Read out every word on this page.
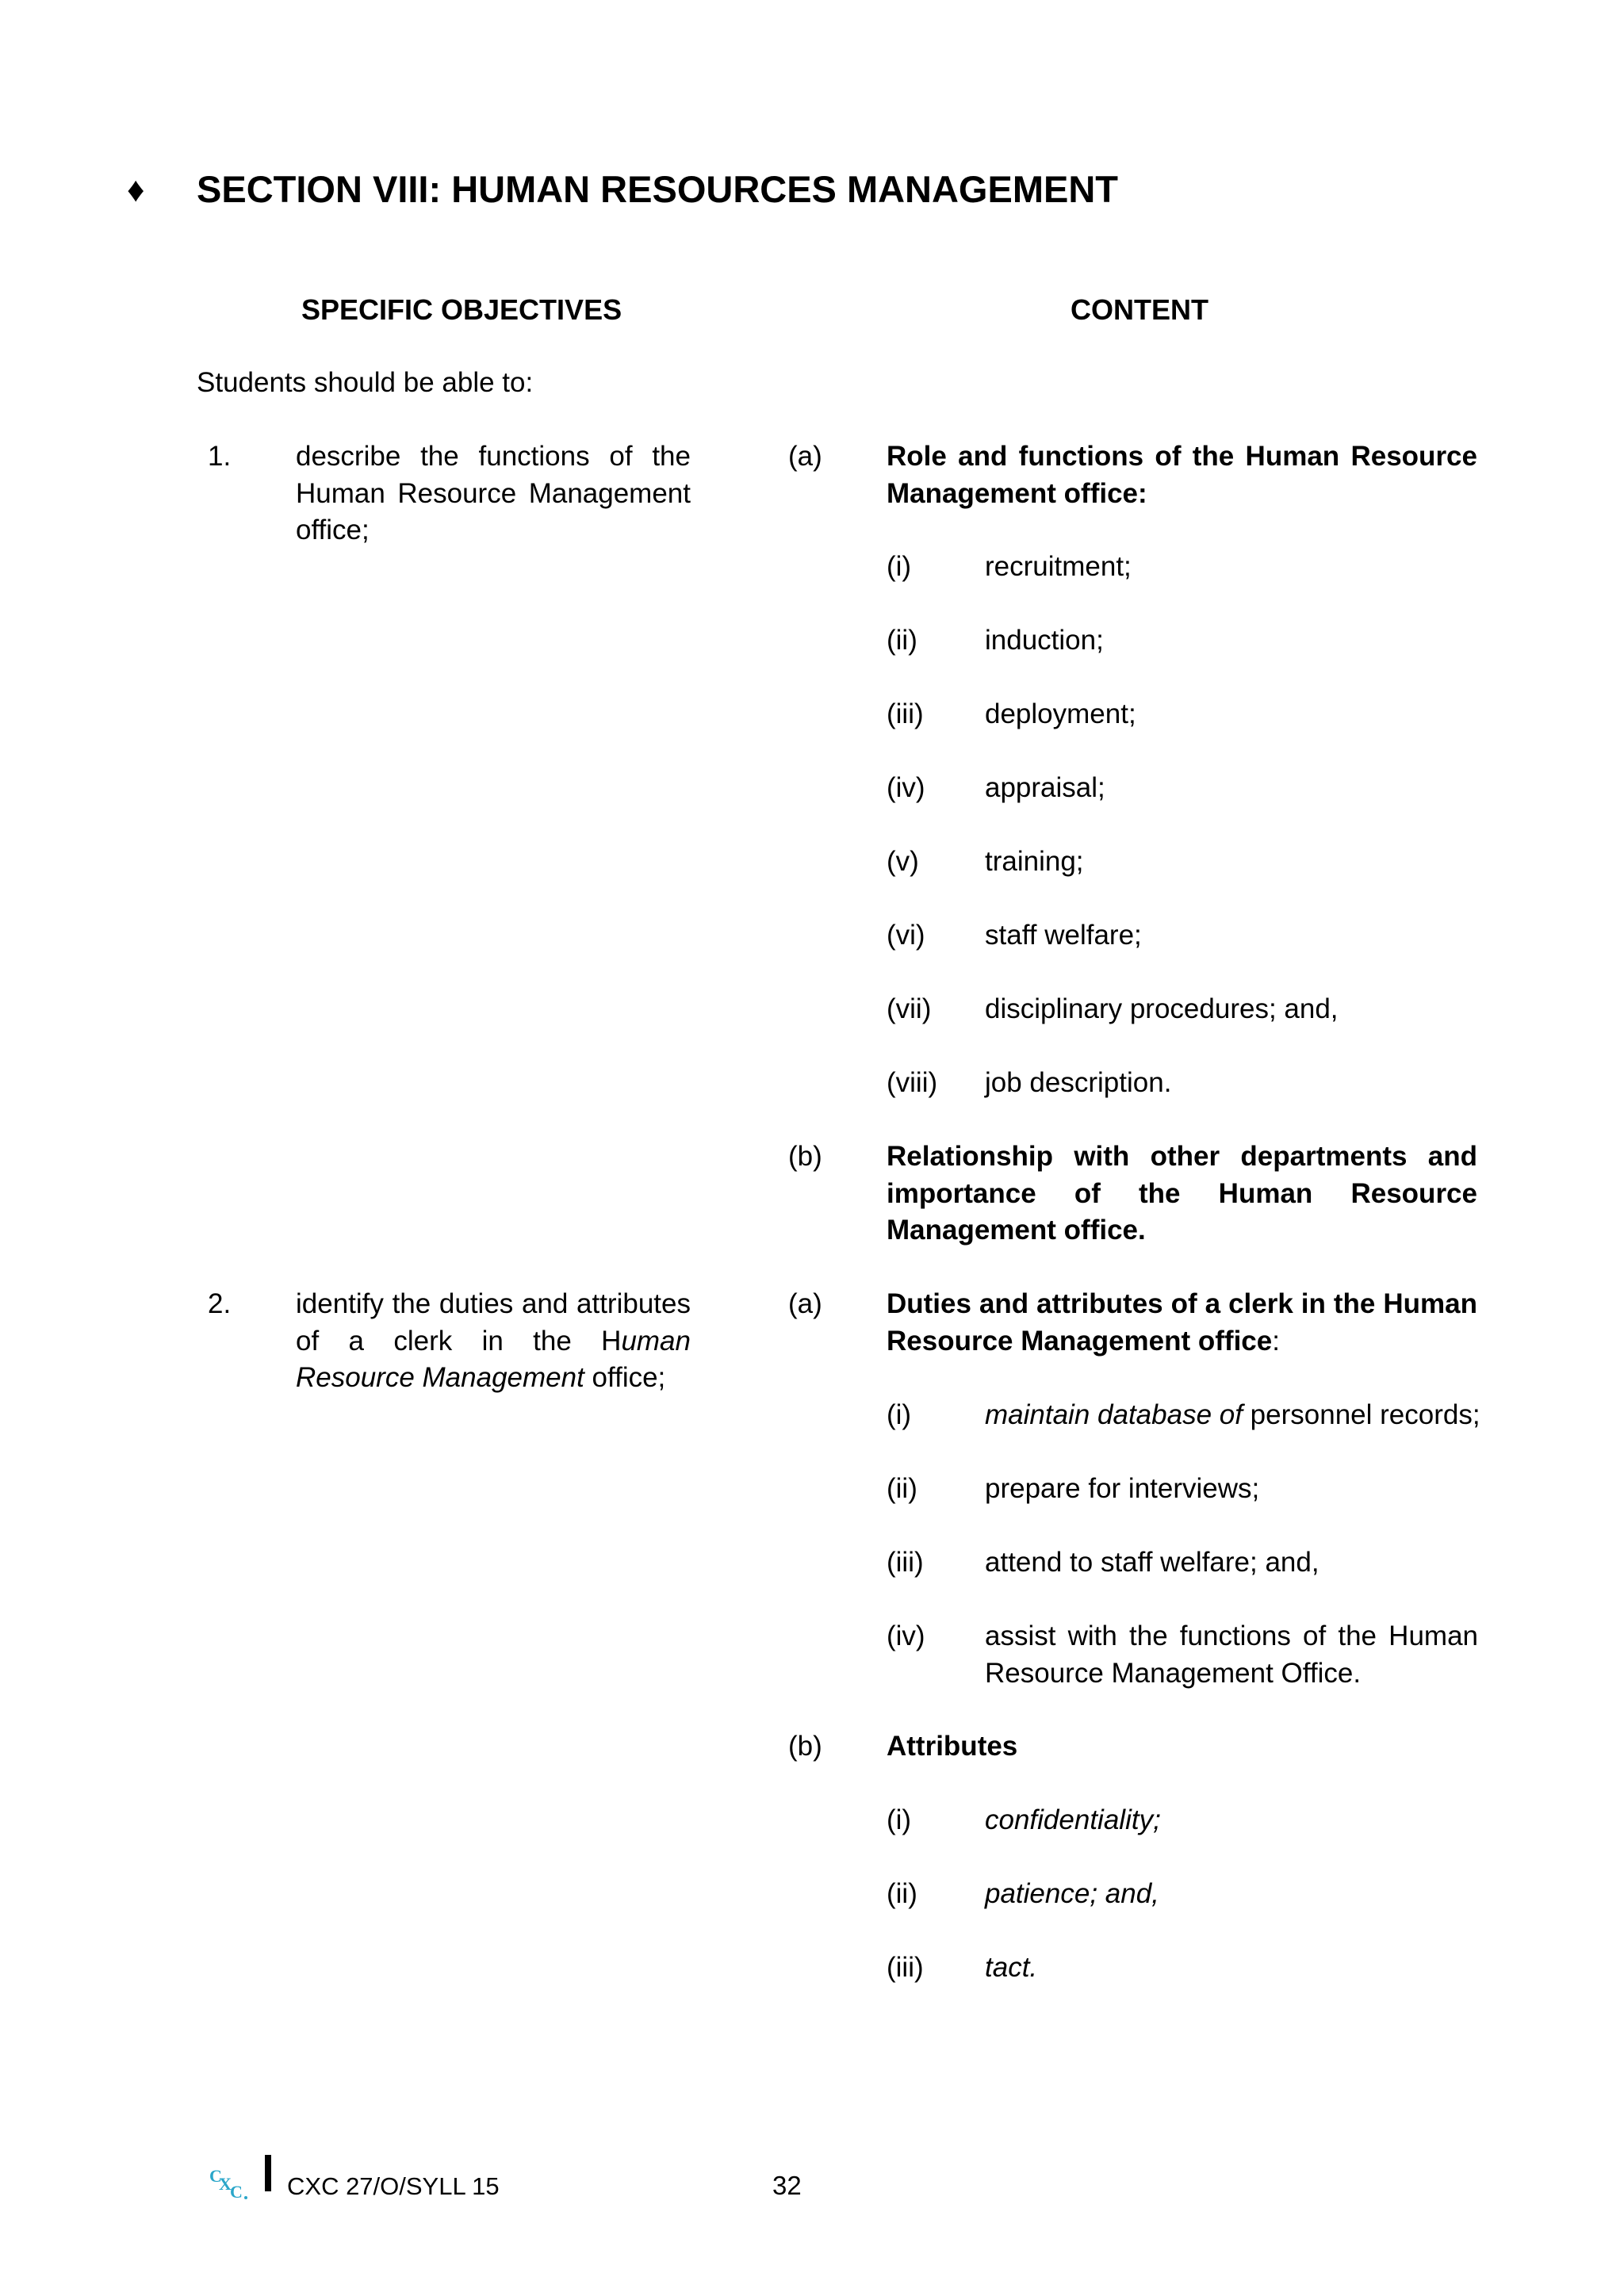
♦ SECTION VIII: HUMAN RESOURCES MANAGEMENT
SPECIFIC OBJECTIVES	CONTENT
Students should be able to:
1.	describe the functions of the Human Resource Management office;
(a)	Role and functions of the Human Resource Management office:
(i)	recruitment;
(ii)	induction;
(iii)	deployment;
(iv)	appraisal;
(v)	training;
(vi)	staff welfare;
(vii)	disciplinary procedures; and,
(viii)	job description.
(b)	Relationship with other departments and importance of the Human Resource Management office.
2.	identify the duties and attributes of a clerk in the Human Resource Management office;
(a)	Duties and attributes of a clerk in the Human Resource Management office:
(i)	maintain database of personnel records;
(ii)	prepare for interviews;
(iii)	attend to staff welfare; and,
(iv)	assist with the functions of the Human Resource Management Office.
(b)	Attributes
(i)	confidentiality;
(ii)	patience; and,
(iii)	tact.
C
X
C CXC 27/O/SYLL 15	32
